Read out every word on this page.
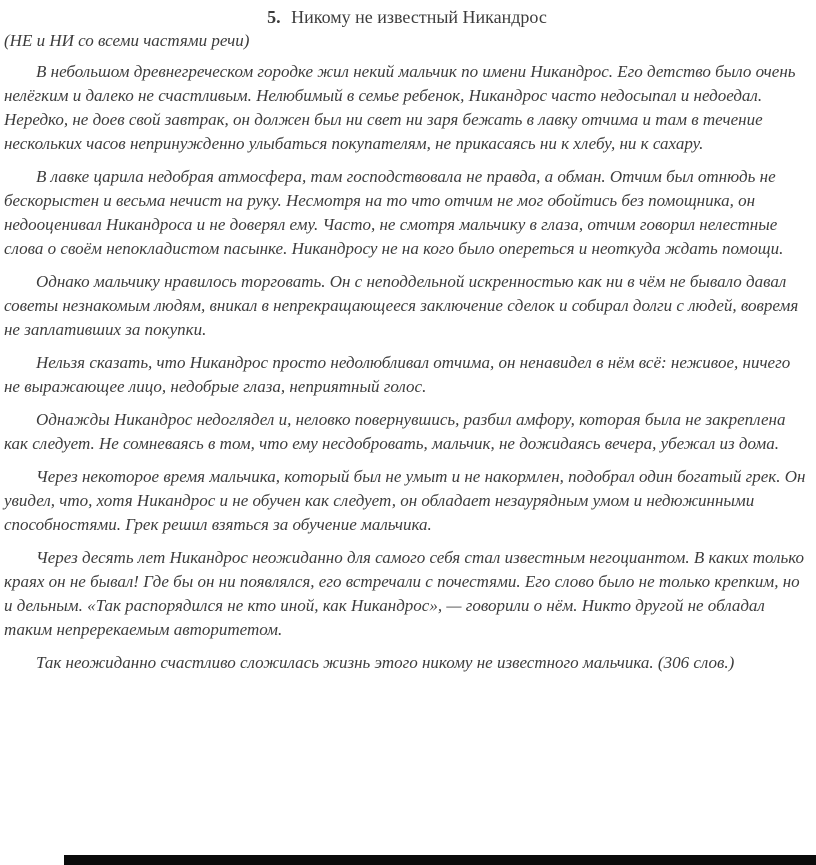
5. Никому не известный Никандрос
(НЕ и НИ со всеми частями речи)

В небольшом древнегреческом городке жил некий мальчик по имени Никандрос. Его детство было очень нелёгким и далеко не счастливым. Нелюбимый в семье ребенок, Никандрос часто недосыпал и недоедал. Нередко, не доев свой завтрак, он должен был ни свет ни заря бежать в лавку отчима и там в течение нескольких часов непринужденно улыбаться покупателям, не прикасаясь ни к хлебу, ни к сахару.

В лавке царила недобрая атмосфера, там господствовала не правда, а обман. Отчим был отнюдь не бескорыстен и весьма нечист на руку. Несмотря на то что отчим не мог обойтись без помощника, он недооценивал Никандроса и не доверял ему. Часто, не смотря мальчику в глаза, отчим говорил нелестные слова о своём непокладистом пасынке. Никандросу не на кого было опереться и неоткуда ждать помощи.

Однако мальчику нравилось торговать. Он с неподдельной искренностью как ни в чём не бывало давал советы незнакомым людям, вникал в непрекращающееся заключение сделок и собирал долги с людей, вовремя не заплативших за покупки.

Нельзя сказать, что Никандрос просто недолюбливал отчима, он ненавидел в нём всё: неживое, ничего не выражающее лицо, недобрые глаза, неприятный голос.

Однажды Никандрос недоглядел и, неловко повернувшись, разбил амфору, которая была не закреплена как следует. Не сомневаясь в том, что ему несдобровать, мальчик, не дожидаясь вечера, убежал из дома.

Через некоторое время мальчика, который был не умыт и не накормлен, подобрал один богатый грек. Он увидел, что, хотя Никандрос и не обучен как следует, он обладает незаурядным умом и недюжинными способностями. Грек решил взяться за обучение мальчика.

Через десять лет Никандрос неожиданно для самого себя стал известным негоциантом. В каких только краях он не бывал! Где бы он ни появлялся, его встречали с почестями. Его слово было не только крепким, но и дельным. «Так распорядился не кто иной, как Никандрос», — говорили о нём. Никто другой не обладал таким непререкаемым авторитетом.

Так неожиданно счастливо сложилась жизнь этого никому не известного мальчика. (306 слов.)
